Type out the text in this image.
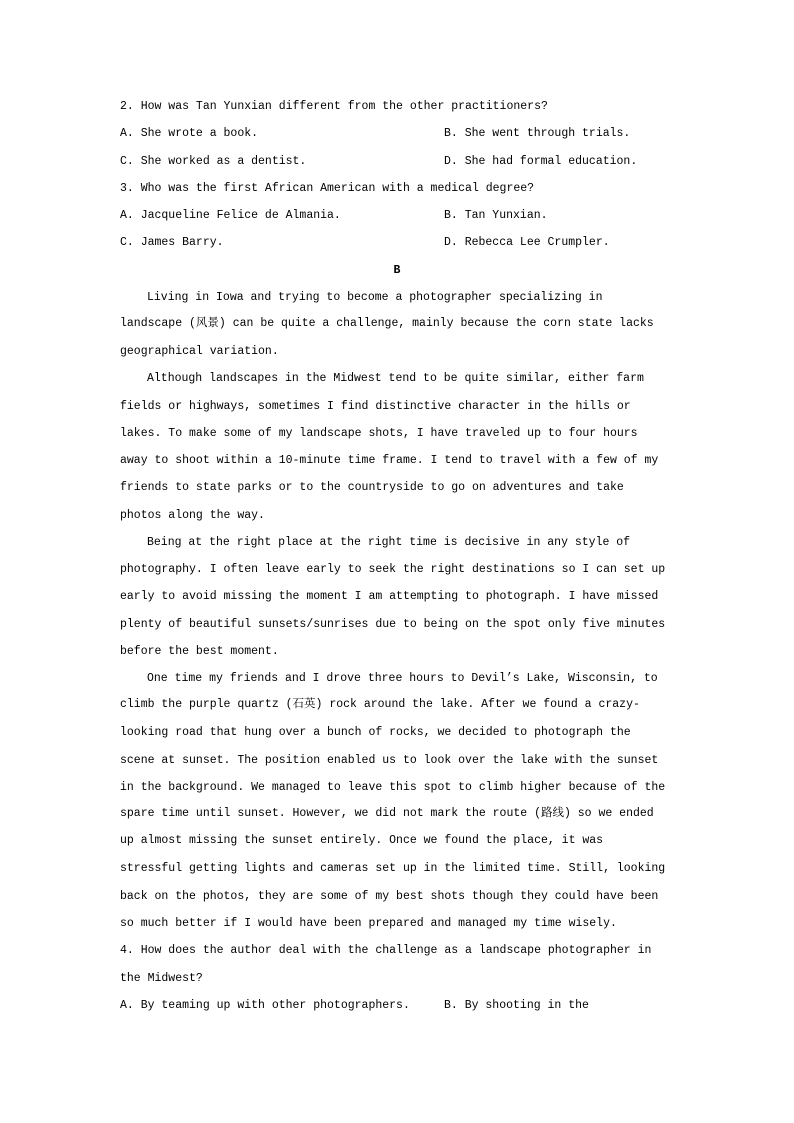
2. How was Tan Yunxian different from the other practitioners?
A. She wrote a book.	B. She went through trials.
C. She worked as a dentist.	D. She had formal education.
3. Who was the first African American with a medical degree?
A. Jacqueline Felice de Almania.	B. Tan Yunxian.
C. James Barry.	D. Rebecca Lee Crumpler.
B
Living in Iowa and trying to become a photographer specializing in
landscape (风景) can be quite a challenge, mainly because the corn state lacks
geographical variation.
Although landscapes in the Midwest tend to be quite similar, either farm
fields or highways, sometimes I find distinctive character in the hills or
lakes. To make some of my landscape shots, I have traveled up to four hours
away to shoot within a 10-minute time frame. I tend to travel with a few of my
friends to state parks or to the countryside to go on adventures and take
photos along the way.
Being at the right place at the right time is decisive in any style of
photography. I often leave early to seek the right destinations so I can set up
early to avoid missing the moment I am attempting to photograph. I have missed
plenty of beautiful sunsets/sunrises due to being on the spot only five minutes
before the best moment.
One time my friends and I drove three hours to Devil’s Lake, Wisconsin, to
climb the purple quartz (石英) rock around the lake. After we found a crazy-
looking road that hung over a bunch of rocks, we decided to photograph the
scene at sunset. The position enabled us to look over the lake with the sunset
in the background. We managed to leave this spot to climb higher because of the
spare time until sunset. However, we did not mark the route (路线) so we ended
up almost missing the sunset entirely. Once we found the place, it was
stressful getting lights and cameras set up in the limited time. Still, looking
back on the photos, they are some of my best shots though they could have been
so much better if I would have been prepared and managed my time wisely.
4. How does the author deal with the challenge as a landscape photographer in
the Midwest?
A. By teaming up with other photographers.	B. By shooting in the
